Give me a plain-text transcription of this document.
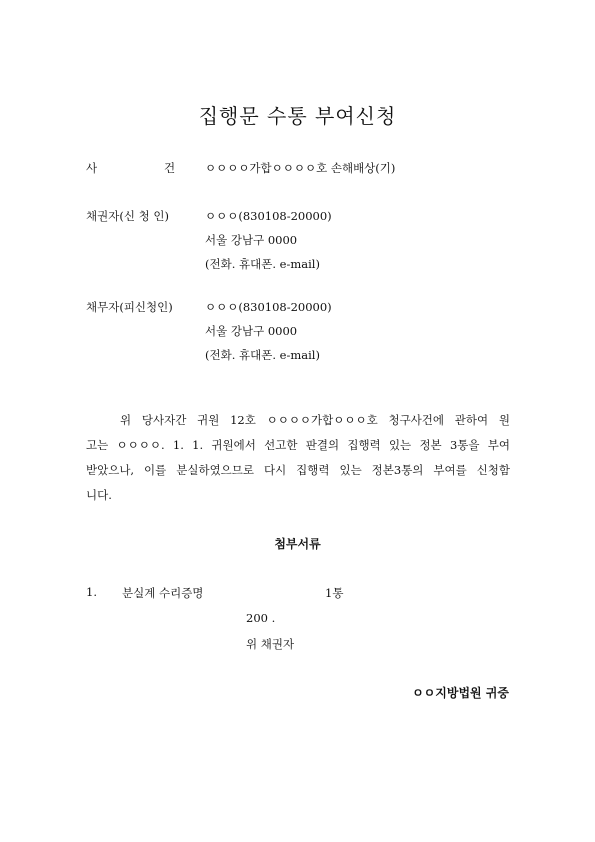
집행문 수통 부여신청
사	건	ㅇㅇㅇㅇ가합ㅇㅇㅇㅇ호 손해배상(기)
채권자(신 청 인)	ㅇㅇㅇ(830108-20000)
서울 강남구 0000
(전화. 휴대폰. e-mail)
채무자(피신청인)	ㅇㅇㅇ(830108-20000)
서울 강남구 0000
(전화. 휴대폰. e-mail)
위 당사자간 귀원 12호 ㅇㅇㅇㅇ가합ㅇㅇㅇ호 청구사건에 관하여 원
고는 ㅇㅇㅇㅇ. 1. 1. 귀원에서 선고한 판결의 집행력 있는 정본 3통을 부여
받았으나, 이를 분실하였으므로 다시 집행력 있는 정본3통의 부여를 신청함
니다.
첨부서류
1. 분실계 수리증명	1통
200 .
위 채권자
ㅇㅇ지방법원 귀중
